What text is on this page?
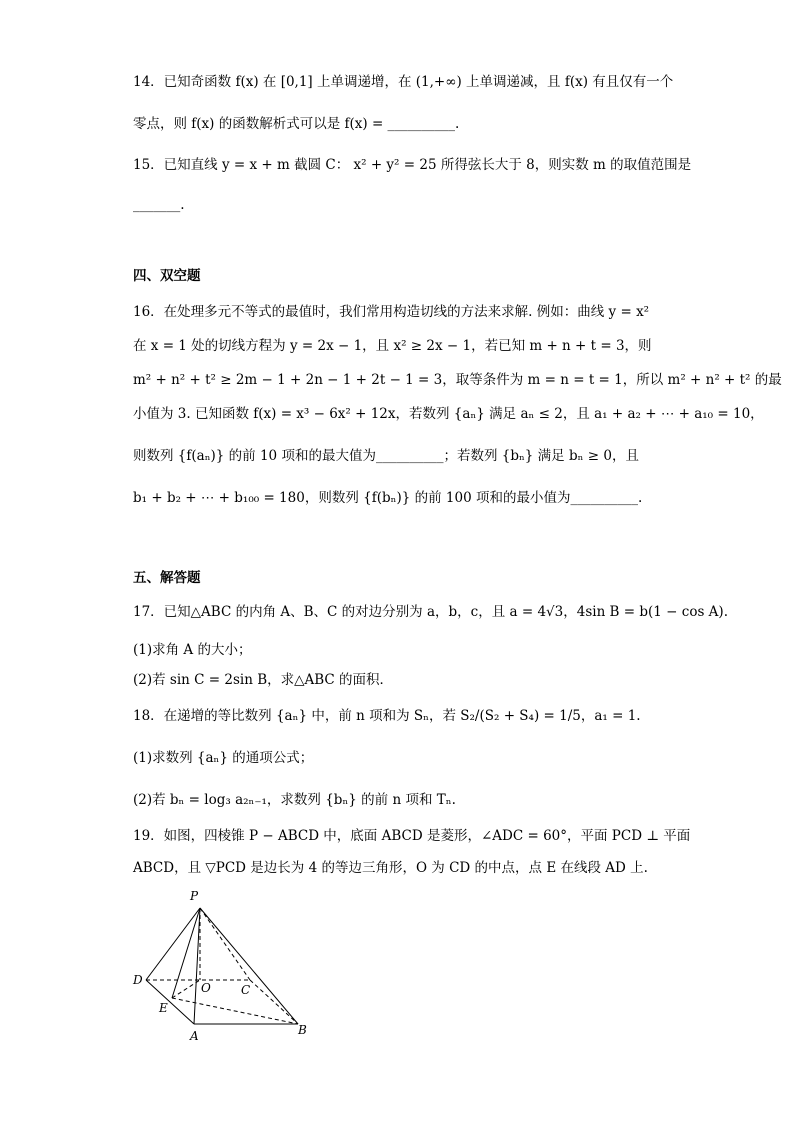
14．已知奇函数 f(x) 在 [0,1] 上单调递增，在 (1,+∞) 上单调递减，且 f(x) 有且仅有一个
零点，则 f(x) 的函数解析式可以是 f(x) = __________.
15．已知直线 y = x + m 截圆 C： x² + y² = 25 所得弦长大于 8，则实数 m 的取值范围是
_______.
四、双空题
16．在处理多元不等式的最值时，我们常用构造切线的方法来求解. 例如：曲线 y = x²
在 x = 1 处的切线方程为 y = 2x − 1，且 x² ≥ 2x − 1，若已知 m + n + t = 3，则
m² + n² + t² ≥ 2m − 1 + 2n − 1 + 2t − 1 = 3，取等条件为 m = n = t = 1，所以 m² + n² + t² 的最
小值为 3. 已知函数 f(x) = x³ − 6x² + 12x，若数列 {aₙ} 满足 aₙ ≤ 2，且 a₁ + a₂ + ⋯ + a₁₀ = 10，
则数列 {f(aₙ)} 的前 10 项和的最大值为__________；若数列 {bₙ} 满足 bₙ ≥ 0，且
b₁ + b₂ + ⋯ + b₁₀₀ = 180，则数列 {f(bₙ)} 的前 100 项和的最小值为__________.
五、解答题
17．已知△ABC 的内角 A、B、C 的对边分别为 a，b，c，且 a = 4√3，4sin B = b(1 − cos A).
(1)求角 A 的大小；
(2)若 sin C = 2sin B，求△ABC 的面积．
18．在递增的等比数列 {aₙ} 中，前 n 项和为 Sₙ，若 S₂/(S₂ + S₄) = 1/5，a₁ = 1.
(1)求数列 {aₙ} 的通项公式；
(2)若 bₙ = log₃ a₂ₙ₋₁，求数列 {bₙ} 的前 n 项和 Tₙ.
19．如图，四棱锥 P − ABCD 中，底面 ABCD 是菱形，∠ADC = 60°，平面 PCD ⊥ 平面
ABCD，且 ▽PCD 是边长为 4 的等边三角形，O 为 CD 的中点，点 E 在线段 AD 上.
P
D
O	C
E
A	B
